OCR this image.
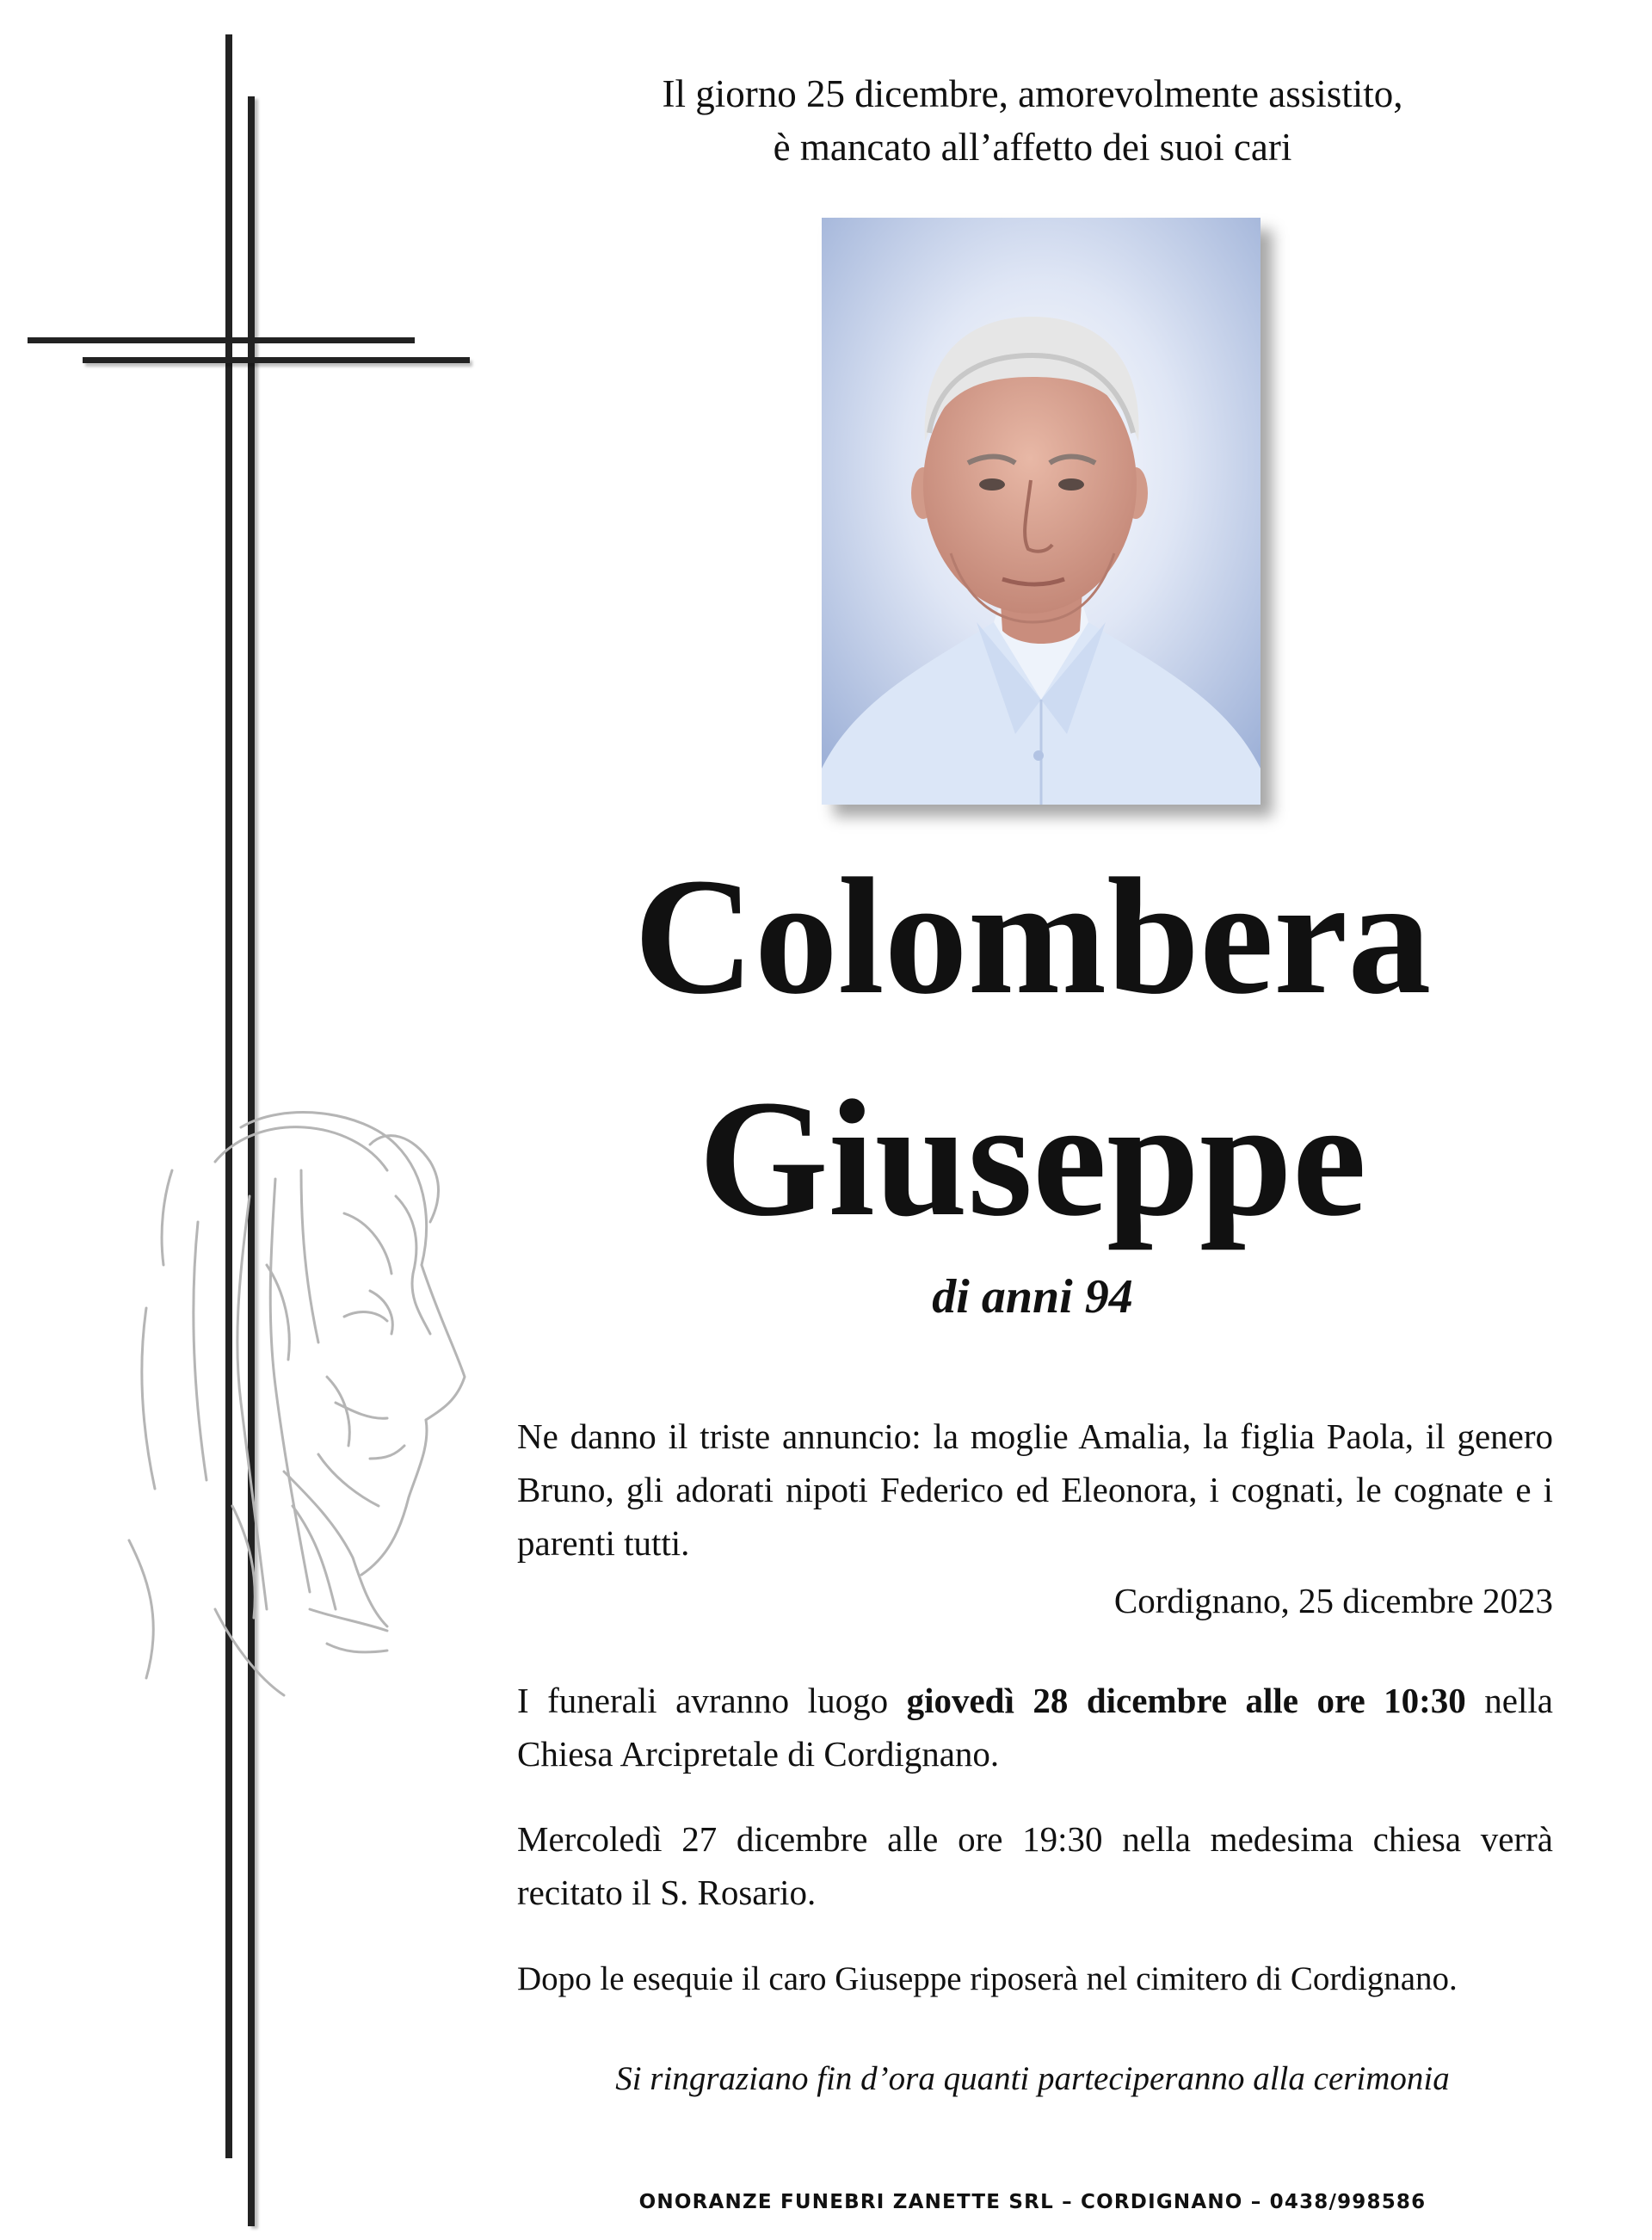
Il giorno 25 dicembre, amorevolmente assistito,
è mancato all’affetto dei suoi cari
Colombera
Giuseppe
di anni 94
Ne danno il triste annuncio: la moglie Amalia, la figlia Paola, il genero Bruno, gli adorati nipoti Federico ed Eleonora, i cognati, le cognate e i parenti tutti.
Cordignano, 25 dicembre 2023
I funerali avranno luogo giovedì 28 dicembre alle ore 10:30 nella Chiesa Arcipretale di Cordignano.
Mercoledì 27 dicembre alle ore 19:30 nella medesima chiesa verrà recitato il S. Rosario.
Dopo le esequie il caro Giuseppe riposerà nel cimitero di Cordignano.
Si ringraziano fin d’ora quanti parteciperanno alla cerimonia
ONORANZE FUNEBRI ZANETTE SRL – CORDIGNANO – 0438/998586
